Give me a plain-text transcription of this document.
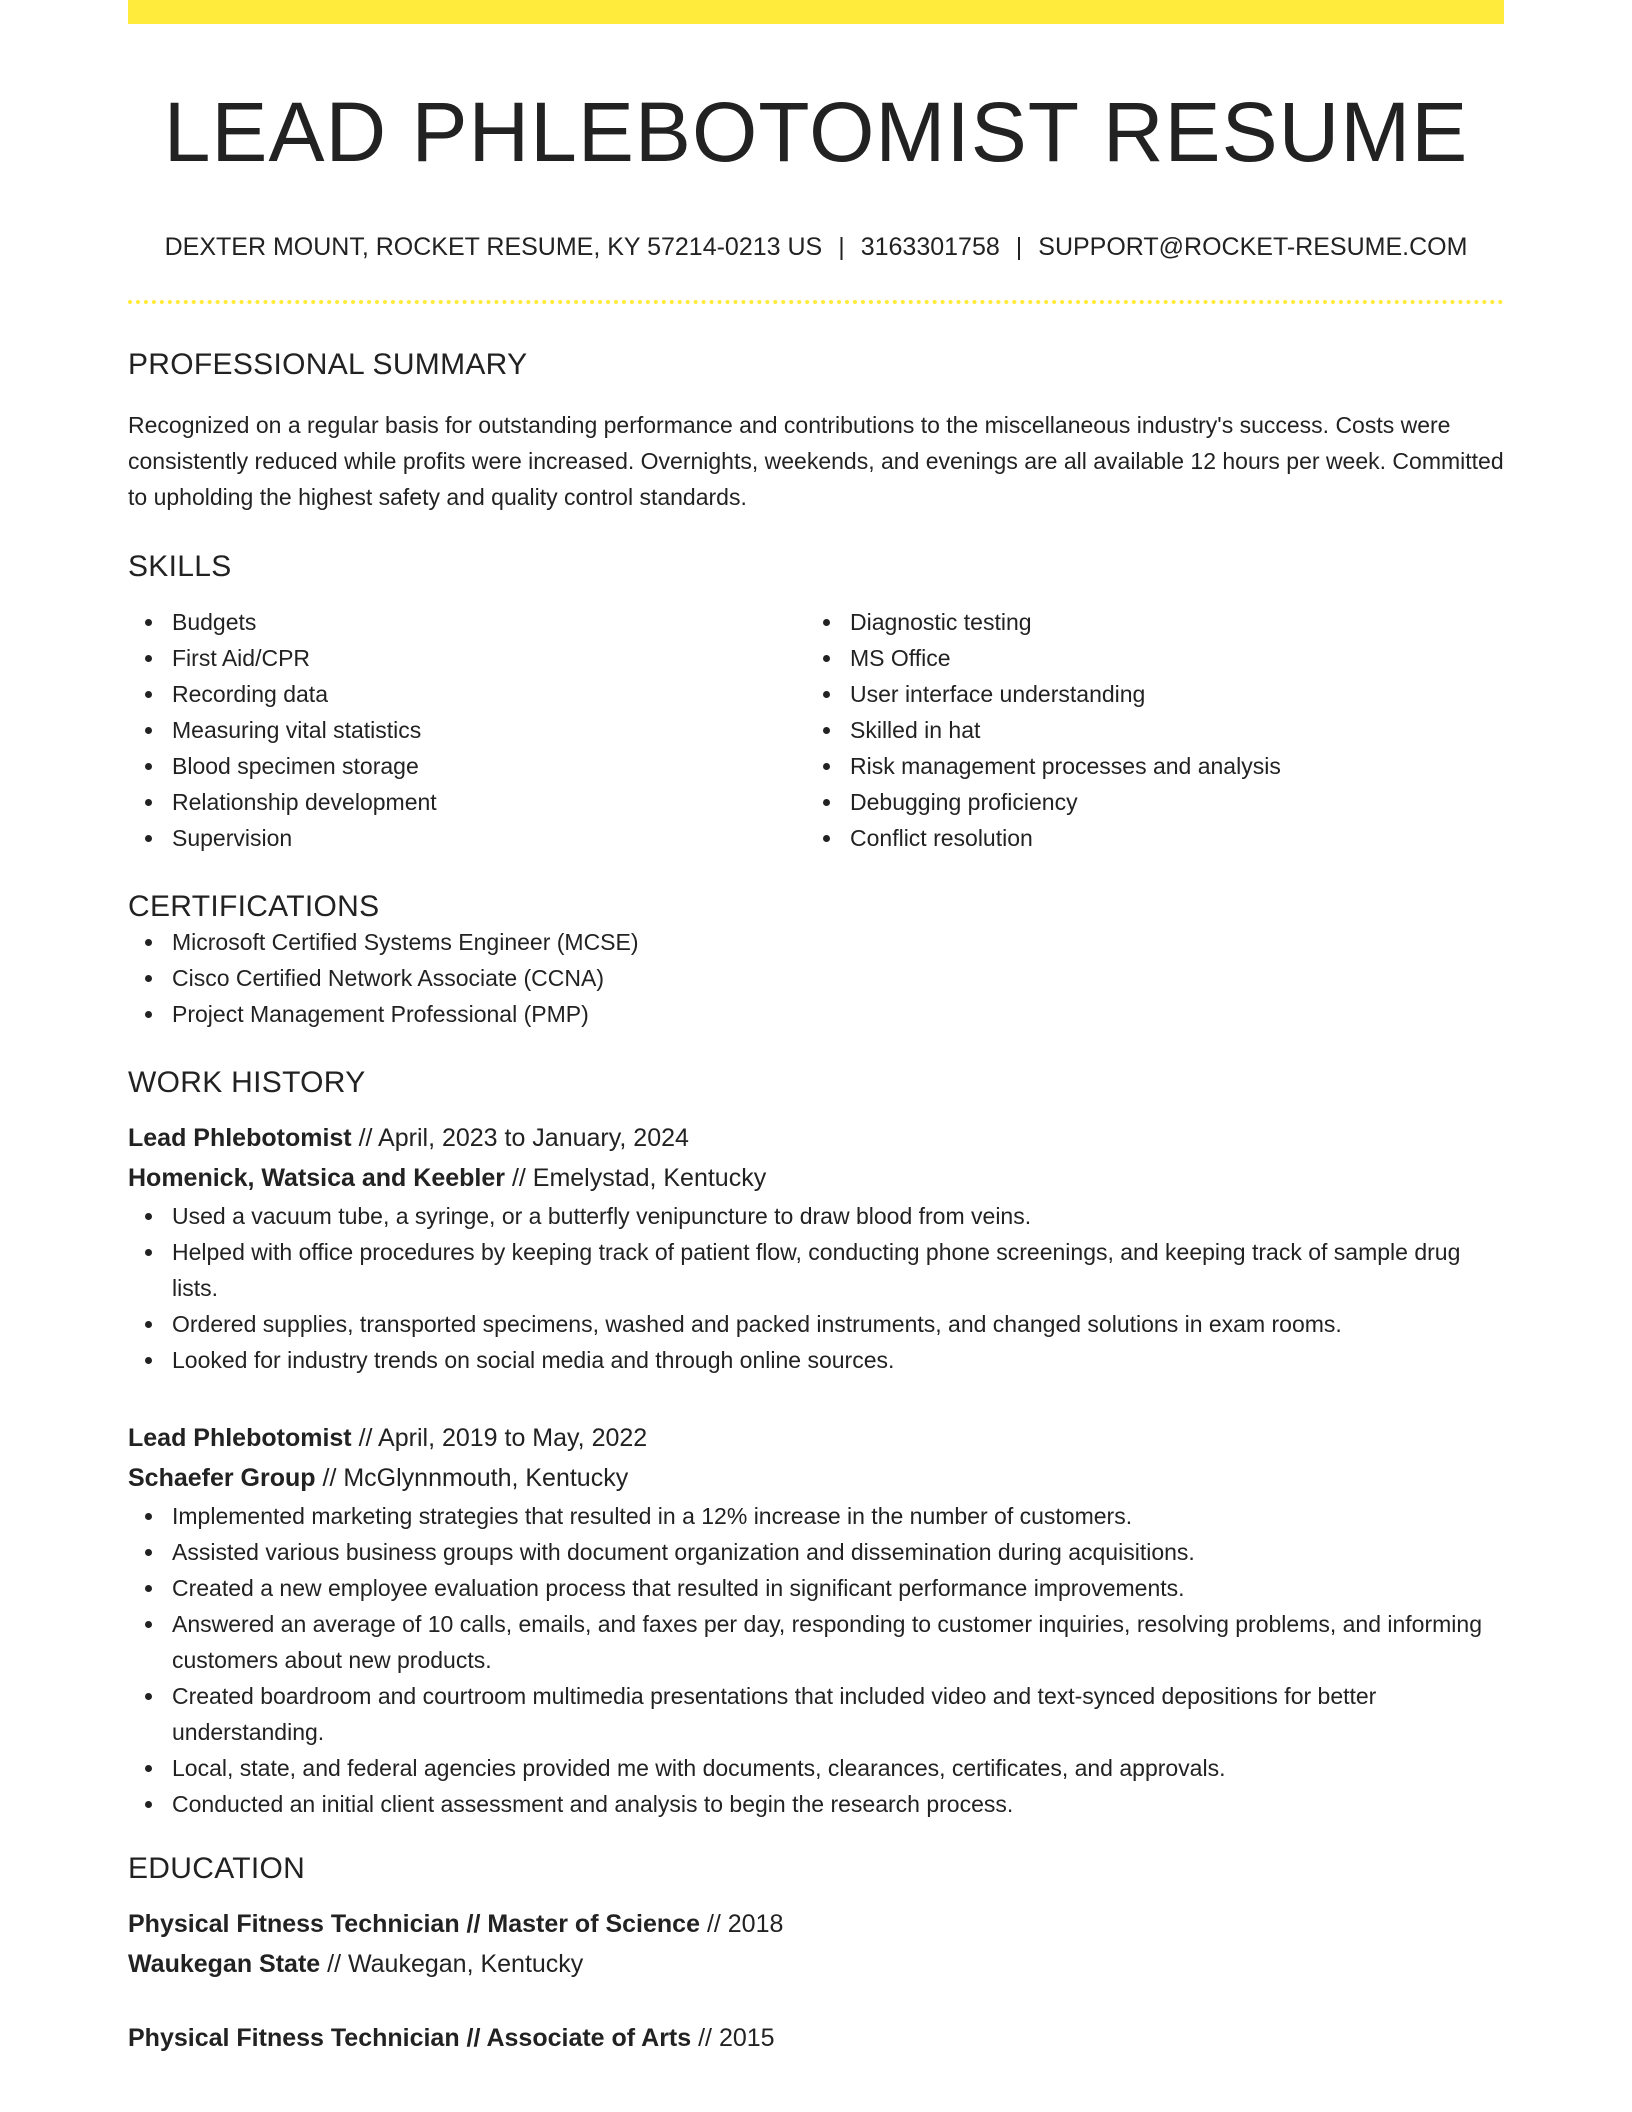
LEAD PHLEBOTOMIST RESUME
DEXTER MOUNT, ROCKET RESUME, KY 57214-0213 US | 3163301758 | SUPPORT@ROCKET-RESUME.COM
PROFESSIONAL SUMMARY

Recognized on a regular basis for outstanding performance and contributions to the miscellaneous industry's success. Costs were consistently reduced while profits were increased. Overnights, weekends, and evenings are all available 12 hours per week. Committed to upholding the highest safety and quality control standards.

SKILLS
Budgets
First Aid/CPR
Recording data
Measuring vital statistics
Blood specimen storage
Relationship development
Supervision
Diagnostic testing
MS Office
User interface understanding
Skilled in hat
Risk management processes and analysis
Debugging proficiency
Conflict resolution
CERTIFICATIONS
Microsoft Certified Systems Engineer (MCSE)
Cisco Certified Network Associate (CCNA)
Project Management Professional (PMP)
WORK HISTORY
Lead Phlebotomist // April, 2023 to January, 2024
Homenick, Watsica and Keebler // Emelystad, Kentucky
Used a vacuum tube, a syringe, or a butterfly venipuncture to draw blood from veins.
Helped with office procedures by keeping track of patient flow, conducting phone screenings, and keeping track of sample drug lists.
Ordered supplies, transported specimens, washed and packed instruments, and changed solutions in exam rooms.
Looked for industry trends on social media and through online sources.
Lead Phlebotomist // April, 2019 to May, 2022
Schaefer Group // McGlynnmouth, Kentucky
Implemented marketing strategies that resulted in a 12% increase in the number of customers.
Assisted various business groups with document organization and dissemination during acquisitions.
Created a new employee evaluation process that resulted in significant performance improvements.
Answered an average of 10 calls, emails, and faxes per day, responding to customer inquiries, resolving problems, and informing customers about new products.
Created boardroom and courtroom multimedia presentations that included video and text-synced depositions for better understanding.
Local, state, and federal agencies provided me with documents, clearances, certificates, and approvals.
Conducted an initial client assessment and analysis to begin the research process.
EDUCATION
Physical Fitness Technician // Master of Science // 2018
Waukegan State // Waukegan, Kentucky
Physical Fitness Technician // Associate of Arts // 2015
